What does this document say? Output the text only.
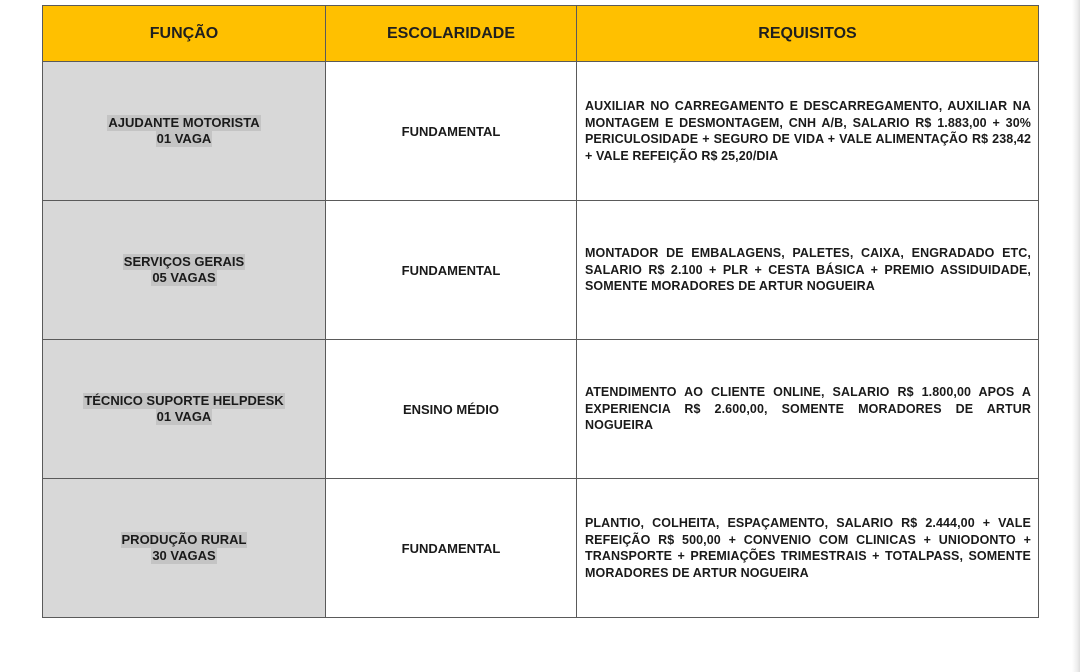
FUNÇÃO	ESCOLARIDADE	REQUISITOS
AJUDANTE MOTORISTA
01 VAGA	FUNDAMENTAL	AUXILIAR NO CARREGAMENTO E DESCARREGAMENTO, AUXILIAR NA MONTAGEM E DESMONTAGEM, CNH A/B, SALARIO R$ 1.883,00 + 30% PERICULOSIDADE + SEGURO DE VIDA + VALE ALIMENTAÇÃO R$ 238,42 + VALE REFEIÇÃO R$ 25,20/DIA

SERVIÇOS GERAIS
05 VAGAS	FUNDAMENTAL	MONTADOR DE EMBALAGENS, PALETES, CAIXA, ENGRADADO ETC, SALARIO R$ 2.100 + PLR + CESTA BÁSICA + PREMIO ASSIDUIDADE, SOMENTE MORADORES DE ARTUR NOGUEIRA

TÉCNICO SUPORTE HELPDESK
01 VAGA	ENSINO MÉDIO	ATENDIMENTO AO CLIENTE ONLINE, SALARIO R$ 1.800,00 APOS A EXPERIENCIA R$ 2.600,00, SOMENTE MORADORES DE ARTUR NOGUEIRA

PRODUÇÃO RURAL
30 VAGAS	FUNDAMENTAL	PLANTIO, COLHEITA, ESPAÇAMENTO, SALARIO R$ 2.444,00 + VALE REFEIÇÃO R$ 500,00 + CONVENIO COM CLINICAS + UNIODONTO + TRANSPORTE + PREMIAÇÕES TRIMESTRAIS + TOTALPASS, SOMENTE MORADORES DE ARTUR NOGUEIRA
